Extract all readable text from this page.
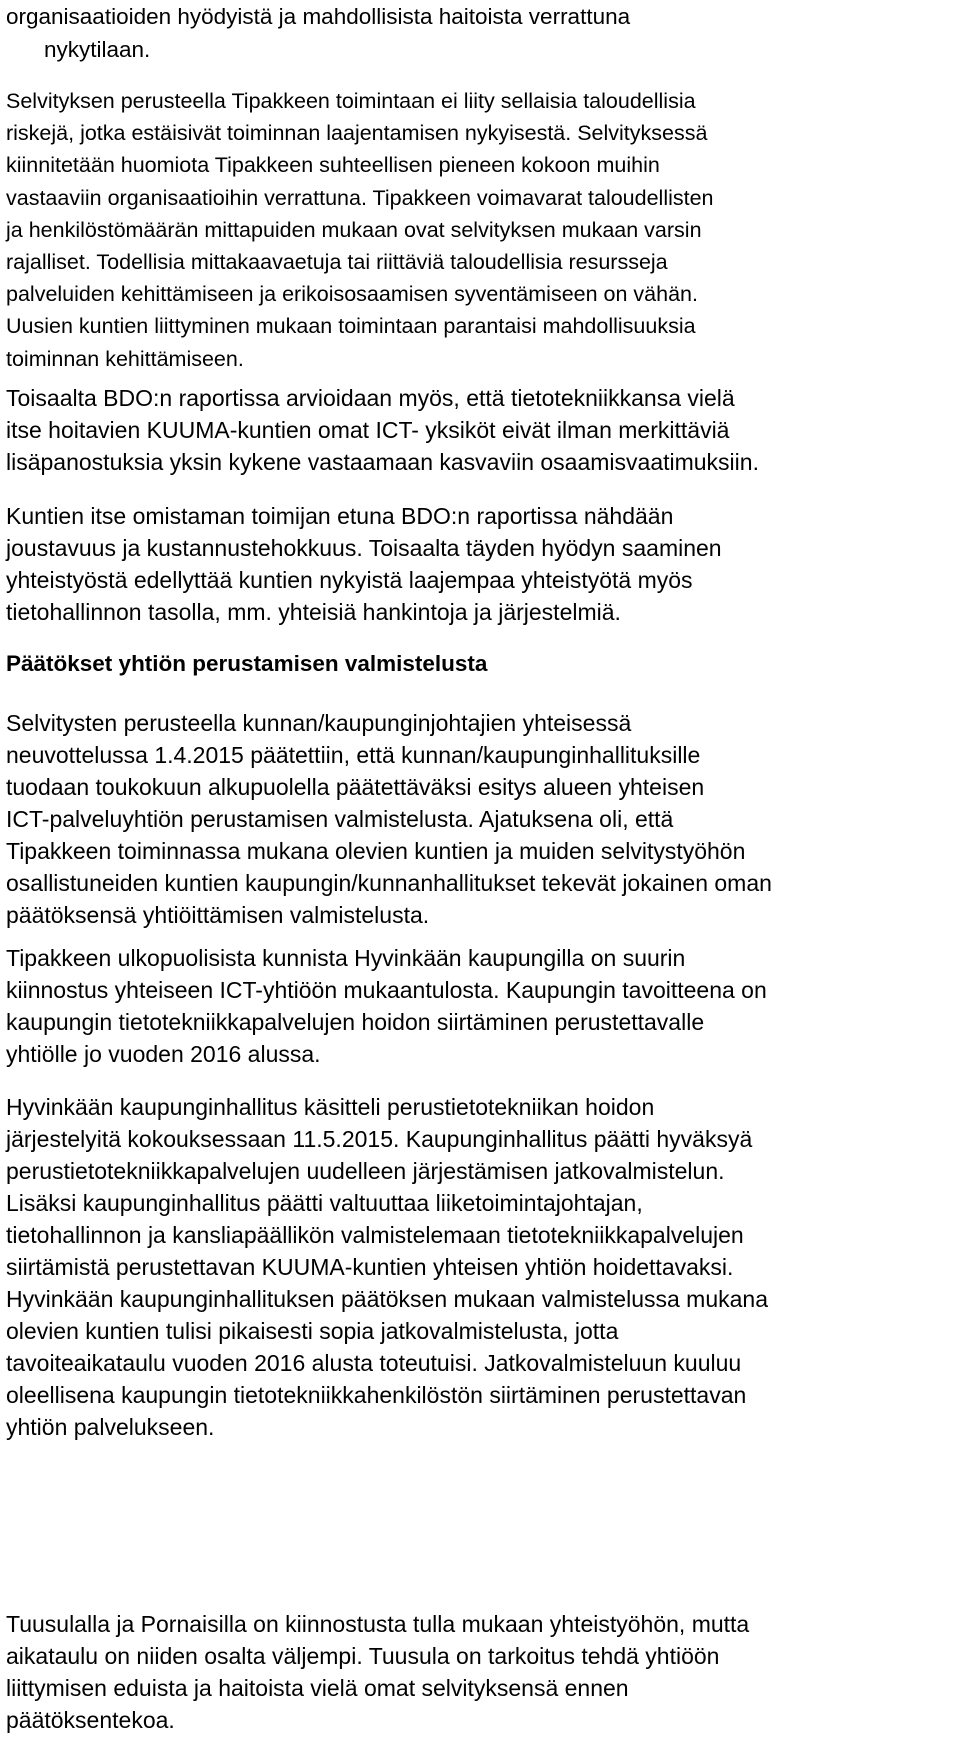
organisaatioiden hyödyistä ja mahdollisista haitoista verrattuna
nykytilaan.

Selvityksen perusteella Tipakkeen toimintaan ei liity sellaisia taloudellisia
riskejä, jotka estäisivät toiminnan laajentamisen nykyisestä. Selvityksessä
kiinnitetään huomiota Tipakkeen suhteellisen pieneen kokoon muihin
vastaaviin organisaatioihin verrattuna. Tipakkeen voimavarat taloudellisten
ja henkilöstömäärän mittapuiden mukaan ovat selvityksen mukaan varsin
rajalliset. Todellisia mittakaavaetuja tai riittäviä taloudellisia resursseja
palveluiden kehittämiseen ja erikoisosaamisen syventämiseen on vähän.
Uusien kuntien liittyminen mukaan toimintaan parantaisi mahdollisuuksia
toiminnan kehittämiseen.

Toisaalta BDO:n raportissa arvioidaan myös, että tietotekniikkansa vielä
itse hoitavien KUUMA-kuntien omat ICT- yksiköt eivät ilman merkittäviä
lisäpanostuksia yksin kykene vastaamaan kasvaviin osaamisvaatimuksiin.

Kuntien itse omistaman toimijan etuna BDO:n raportissa nähdään
joustavuus ja kustannustehokkuus. Toisaalta täyden hyödyn saaminen
yhteistyöstä edellyttää kuntien nykyistä laajempaa yhteistyötä myös
tietohallinnon tasolla, mm. yhteisiä hankintoja ja järjestelmiä.

Päätökset yhtiön perustamisen valmistelusta

Selvitysten perusteella kunnan/kaupunginjohtajien yhteisessä
neuvottelussa 1.4.2015 päätettiin, että kunnan/kaupunginhallituksille
tuodaan toukokuun alkupuolella päätettäväksi esitys alueen yhteisen
ICT-palveluyhtiön perustamisen valmistelusta. Ajatuksena oli, että
Tipakkeen toiminnassa mukana olevien kuntien ja muiden selvitystyöhön
osallistuneiden kuntien kaupungin/kunnanhallitukset tekevät jokainen oman
päätöksensä yhtiöittämisen valmistelusta.

Tipakkeen ulkopuolisista kunnista Hyvinkään kaupungilla on suurin
kiinnostus yhteiseen ICT-yhtiöön mukaantulosta. Kaupungin tavoitteena on
kaupungin tietotekniikkapalvelujen hoidon siirtäminen perustettavalle
yhtiölle jo vuoden 2016 alussa.

Hyvinkään kaupunginhallitus käsitteli perustietotekniikan hoidon
järjestelyitä kokouksessaan 11.5.2015. Kaupunginhallitus päätti hyväksyä
perustietotekniikkapalvelujen uudelleen järjestämisen jatkovalmistelun.
Lisäksi kaupunginhallitus päätti valtuuttaa liiketoimintajohtajan,
tietohallinnon ja kansliapäällikön valmistelemaan tietotekniikkapalvelujen
siirtämistä perustettavan KUUMA-kuntien yhteisen yhtiön hoidettavaksi.
Hyvinkään kaupunginhallituksen päätöksen mukaan valmistelussa mukana
olevien kuntien tulisi pikaisesti sopia jatkovalmistelusta, jotta
tavoiteaikataulu vuoden 2016 alusta toteutuisi. Jatkovalmisteluun kuuluu
oleellisena kaupungin tietotekniikkahenkilöstön siirtäminen perustettavan
yhtiön palvelukseen.

Tuusulalla ja Pornaisilla on kiinnostusta tulla mukaan yhteistyöhön, mutta
aikataulu on niiden osalta väljempi. Tuusula on tarkoitus tehdä yhtiöön
liittymisen eduista ja haitoista vielä omat selvityksensä ennen
päätöksentekoa.
